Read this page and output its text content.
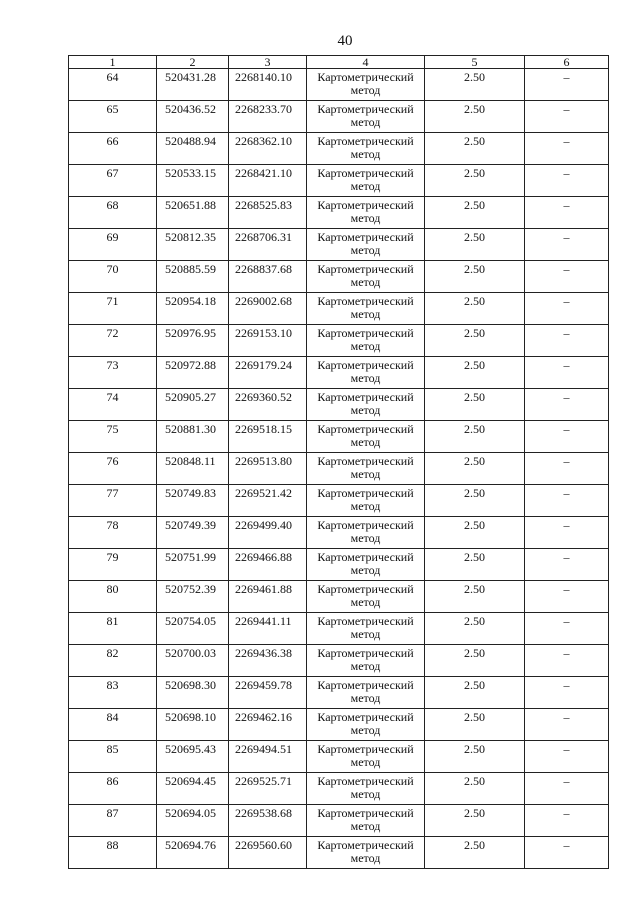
40
1	2	3	4	5	6
64	520431.28	2268140.10	Картометрический метод	2.50	–
65	520436.52	2268233.70	Картометрический метод	2.50	–
66	520488.94	2268362.10	Картометрический метод	2.50	–
67	520533.15	2268421.10	Картометрический метод	2.50	–
68	520651.88	2268525.83	Картометрический метод	2.50	–
69	520812.35	2268706.31	Картометрический метод	2.50	–
70	520885.59	2268837.68	Картометрический метод	2.50	–
71	520954.18	2269002.68	Картометрический метод	2.50	–
72	520976.95	2269153.10	Картометрический метод	2.50	–
73	520972.88	2269179.24	Картометрический метод	2.50	–
74	520905.27	2269360.52	Картометрический метод	2.50	–
75	520881.30	2269518.15	Картометрический метод	2.50	–
76	520848.11	2269513.80	Картометрический метод	2.50	–
77	520749.83	2269521.42	Картометрический метод	2.50	–
78	520749.39	2269499.40	Картометрический метод	2.50	–
79	520751.99	2269466.88	Картометрический метод	2.50	–
80	520752.39	2269461.88	Картометрический метод	2.50	–
81	520754.05	2269441.11	Картометрический метод	2.50	–
82	520700.03	2269436.38	Картометрический метод	2.50	–
83	520698.30	2269459.78	Картометрический метод	2.50	–
84	520698.10	2269462.16	Картометрический метод	2.50	–
85	520695.43	2269494.51	Картометрический метод	2.50	–
86	520694.45	2269525.71	Картометрический метод	2.50	–
87	520694.05	2269538.68	Картометрический метод	2.50	–
88	520694.76	2269560.60	Картометрический метод	2.50	–
